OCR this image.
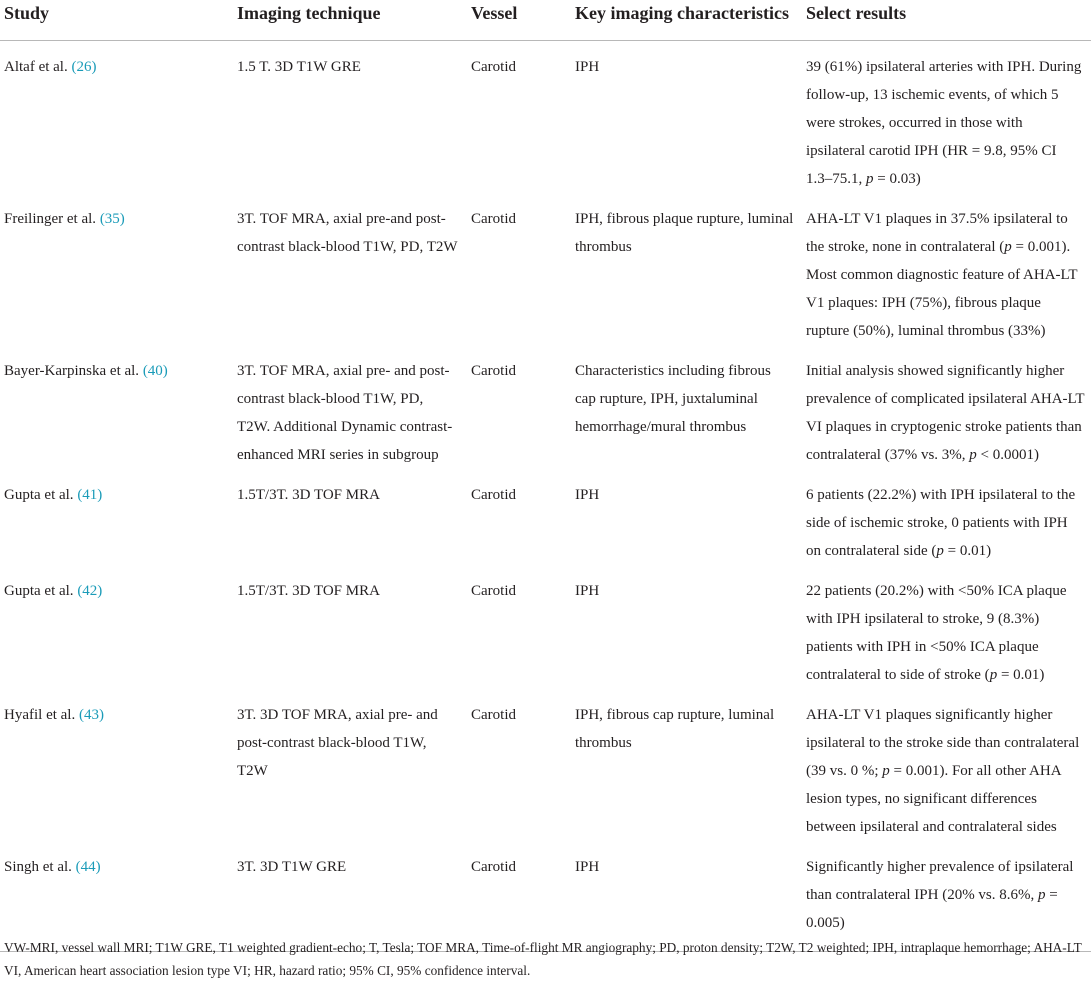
Study	Imaging technique	Vessel	Key imaging characteristics	Select results
Altaf et al. (26)	1.5 T. 3D T1W GRE	Carotid	IPH	39 (61%) ipsilateral arteries with IPH. During follow-up, 13 ischemic events, of which 5 were strokes, occurred in those with ipsilateral carotid IPH (HR = 9.8, 95% CI 1.3–75.1, p = 0.03)
Freilinger et al. (35)	3T. TOF MRA, axial pre-and post-contrast black-blood T1W, PD, T2W	Carotid	IPH, fibrous plaque rupture, luminal thrombus	AHA-LT V1 plaques in 37.5% ipsilateral to the stroke, none in contralateral (p = 0.001). Most common diagnostic feature of AHA-LT V1 plaques: IPH (75%), fibrous plaque rupture (50%), luminal thrombus (33%)
Bayer-Karpinska et al. (40)	3T. TOF MRA, axial pre- and post-contrast black-blood T1W, PD, T2W. Additional Dynamic contrast-enhanced MRI series in subgroup	Carotid	Characteristics including fibrous cap rupture, IPH, juxtaluminal hemorrhage/mural thrombus	Initial analysis showed significantly higher prevalence of complicated ipsilateral AHA-LT VI plaques in cryptogenic stroke patients than contralateral (37% vs. 3%, p < 0.0001)
Gupta et al. (41)	1.5T/3T. 3D TOF MRA	Carotid	IPH	6 patients (22.2%) with IPH ipsilateral to the side of ischemic stroke, 0 patients with IPH on contralateral side (p = 0.01)
Gupta et al. (42)	1.5T/3T. 3D TOF MRA	Carotid	IPH	22 patients (20.2%) with <50% ICA plaque with IPH ipsilateral to stroke, 9 (8.3%) patients with IPH in <50% ICA plaque contralateral to side of stroke (p = 0.01)
Hyafil et al. (43)	3T. 3D TOF MRA, axial pre- and post-contrast black-blood T1W, T2W	Carotid	IPH, fibrous cap rupture, luminal thrombus	AHA-LT V1 plaques significantly higher ipsilateral to the stroke side than contralateral (39 vs. 0 %; p = 0.001). For all other AHA lesion types, no significant differences between ipsilateral and contralateral sides
Singh et al. (44)	3T. 3D T1W GRE	Carotid	IPH	Significantly higher prevalence of ipsilateral than contralateral IPH (20% vs. 8.6%, p = 0.005)
VW-MRI, vessel wall MRI; T1W GRE, T1 weighted gradient-echo; T, Tesla; TOF MRA, Time-of-flight MR angiography; PD, proton density; T2W, T2 weighted; IPH, intraplaque hemorrhage; AHA-LT VI, American heart association lesion type VI; HR, hazard ratio; 95% CI, 95% confidence interval.
